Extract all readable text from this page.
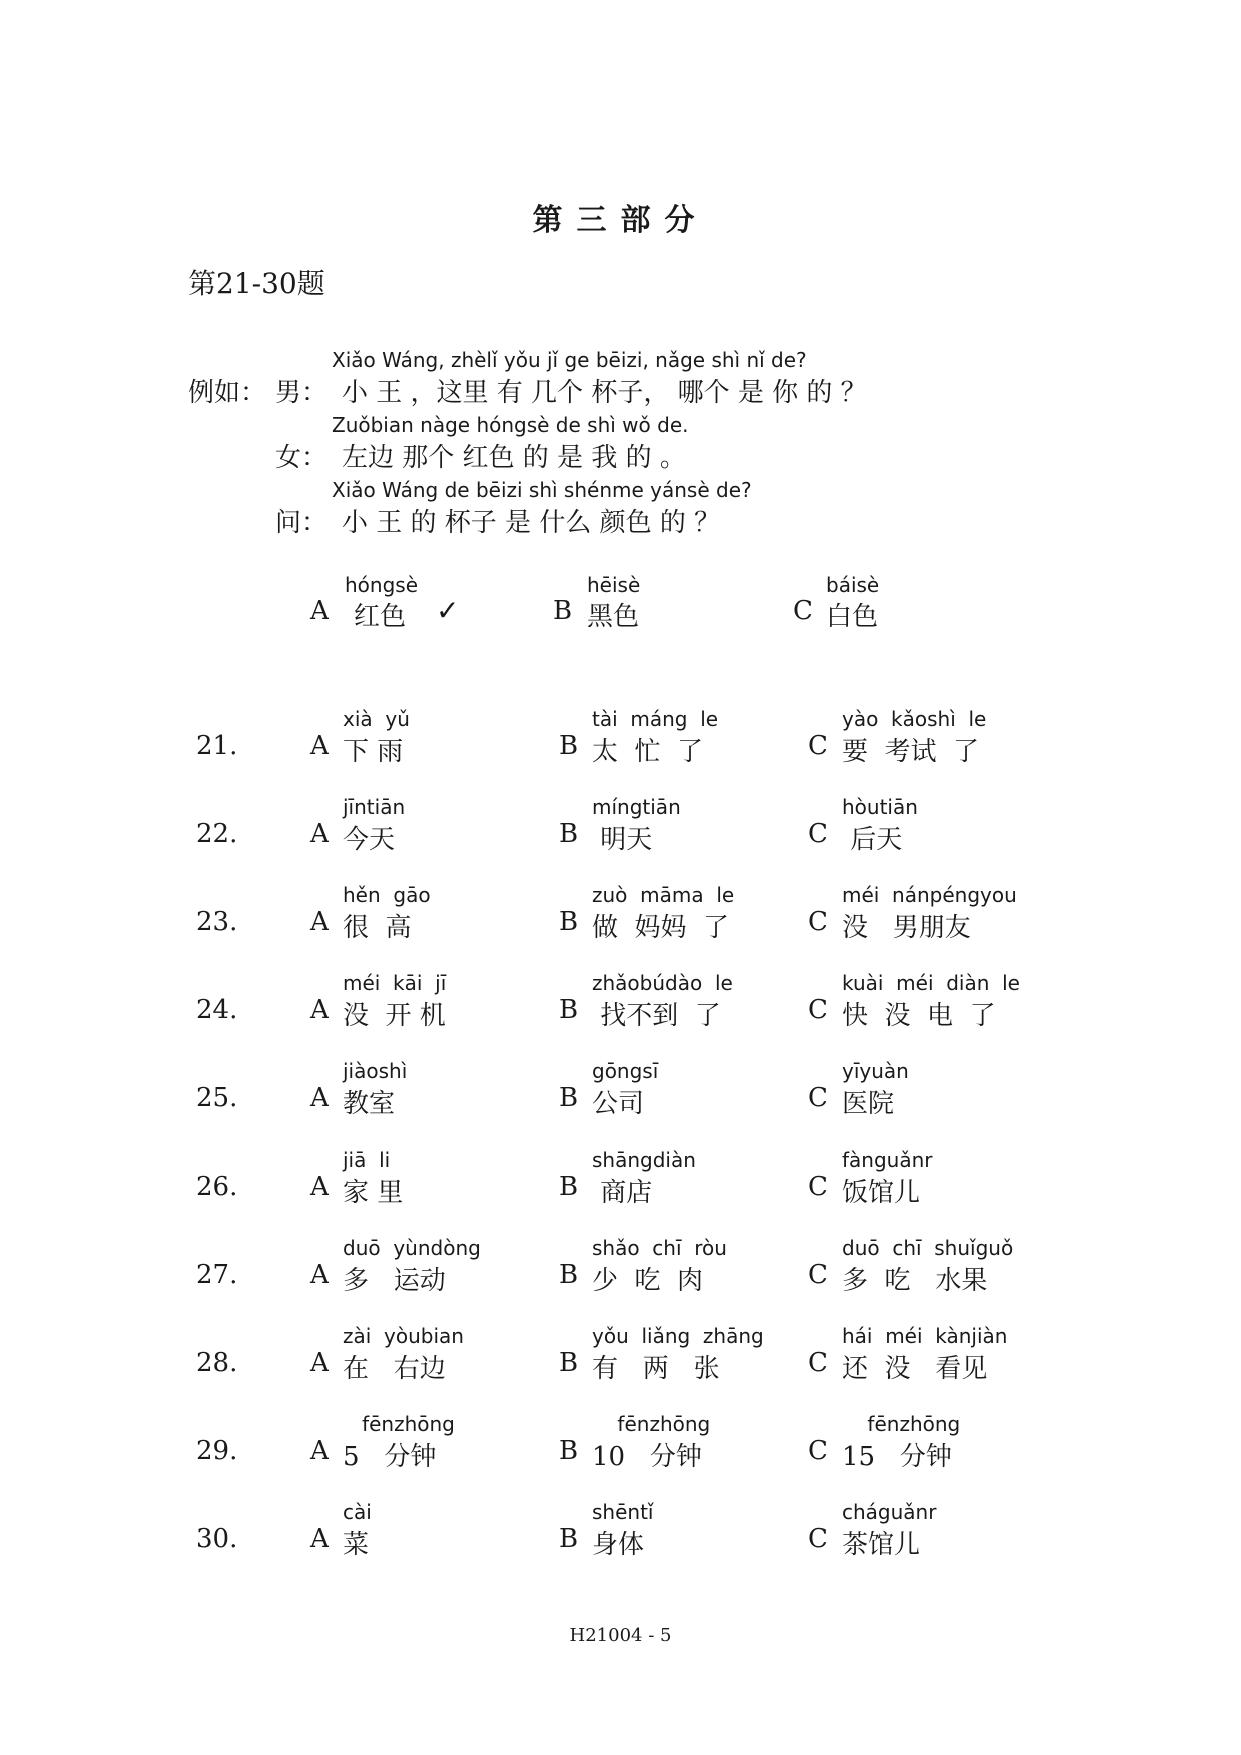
第三部分
第21-30题
例如： 男：
Xiǎo Wáng, zhèlǐ yǒu jǐ ge bēizi, nǎge shì nǐ de?
小 王 ，这里 有 几个 杯子， 哪个 是 你 的 ？
女：
Zuǒbian nàge hóngsè de shì wǒ de.
左边 那个 红色 的 是 我 的 。
问：
Xiǎo Wáng de bēizi shì shénme yánsè de?
小 王 的 杯子 是 什么 颜色 的 ？
A
hóngsè
红色 ✓	B
hēisè
黑色	C
báisè
白色
21.	A
xià  yǔ
下 雨	B
tài  máng  le
太  忙  了	C
yào  kǎoshì  le
要  考试  了
22.	A
jīntiān
今天	B
míngtiān
明天	C
hòutiān
后天
23.	A
hěn  gāo
很  高	B
zuò  māma  le
做  妈妈  了	C
méi  nánpéngyou
没   男朋友
24.	A
méi  kāi  jī
没  开 机	B
zhǎobúdào  le
找不到  了	C
kuài  méi  diàn  le
快  没  电  了
25.	A
jiàoshì
教室	B
gōngsī
公司	C
yīyuàn
医院
26.	A
jiā  li
家 里	B
shāngdiàn
商店	C
fànguǎnr
饭馆儿
27.	A
duō  yùndòng
多   运动	B
shǎo  chī  ròu
少  吃  肉	C
duō  chī  shuǐguǒ
多  吃   水果
28.	A
zài  yòubian
在   右边	B
yǒu  liǎng  zhāng
有   两   张	C
hái  méi  kànjiàn
还  没   看见
29.	A
fēnzhōng
5   分钟	B
fēnzhōng
10   分钟	C
fēnzhōng
15   分钟
30.	A
cài
菜	B
shēntǐ
身体	C
cháguǎnr
茶馆儿
H21004 - 5
